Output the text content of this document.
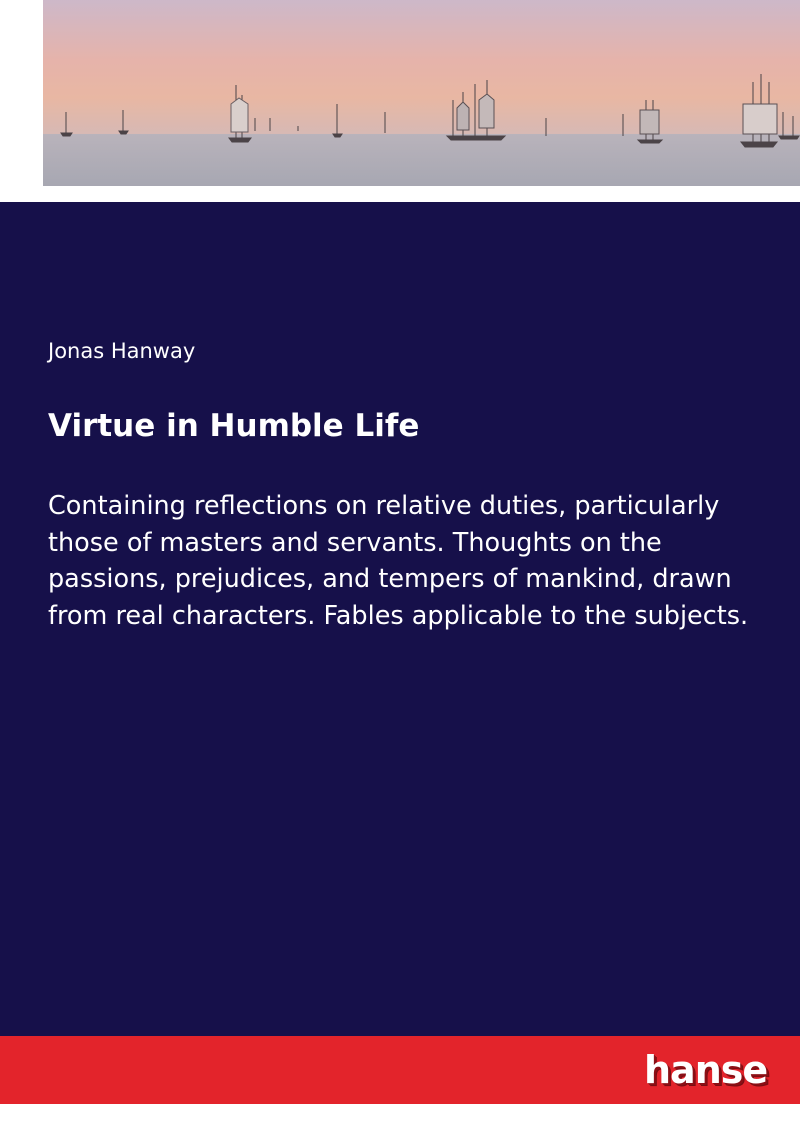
Jonas Hanway
Virtue in Humble Life
Containing reflections on relative duties, particularly those of masters and servants. Thoughts on the passions, prejudices, and tempers of mankind, drawn from real characters. Fables applicable to the subjects.
hanse
